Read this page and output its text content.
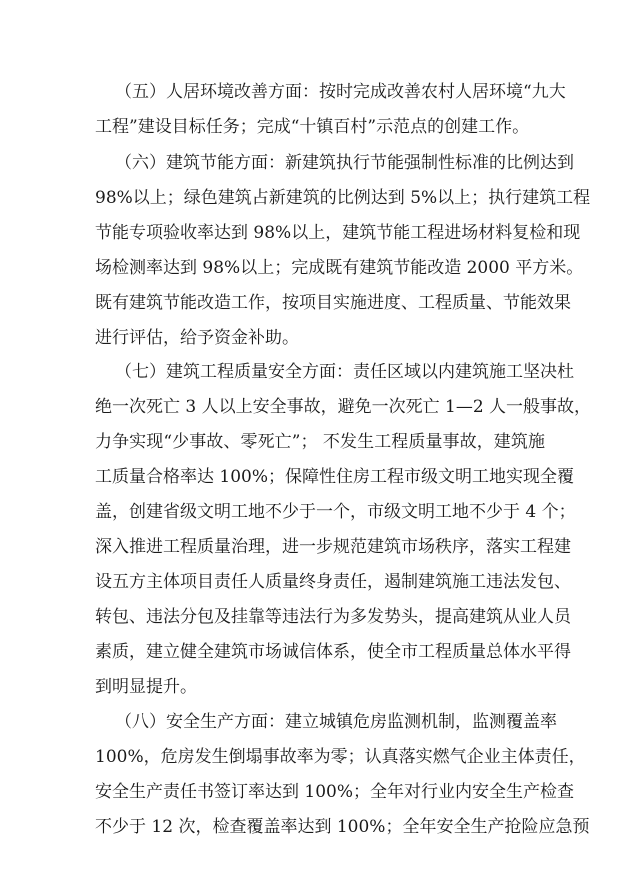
（五）人居环境改善方面：按时完成改善农村人居环境“九大
工程”建设目标任务；完成“十镇百村”示范点的创建工作。
（六）建筑节能方面：新建筑执行节能强制性标准的比例达到
98%以上；绿色建筑占新建筑的比例达到 5%以上；执行建筑工程
节能专项验收率达到 98%以上，建筑节能工程进场材料复检和现
场检测率达到 98%以上；完成既有建筑节能改造 2000 平方米。
既有建筑节能改造工作，按项目实施进度、工程质量、节能效果
进行评估，给予资金补助。
（七）建筑工程质量安全方面：责任区域以内建筑施工坚决杜
绝一次死亡 3 人以上安全事故，避免一次死亡 1—2 人一般事故，
力争实现“少事故、零死亡”； 不发生工程质量事故，建筑施
工质量合格率达 100%；保障性住房工程市级文明工地实现全覆
盖，创建省级文明工地不少于一个，市级文明工地不少于 4 个；
深入推进工程质量治理，进一步规范建筑市场秩序，落实工程建
设五方主体项目责任人质量终身责任，遏制建筑施工违法发包、
转包、违法分包及挂靠等违法行为多发势头，提高建筑从业人员
素质，建立健全建筑市场诚信体系，使全市工程质量总体水平得
到明显提升。
（八）安全生产方面：建立城镇危房监测机制，监测覆盖率
100%，危房发生倒塌事故率为零；认真落实燃气企业主体责任，
安全生产责任书签订率达到 100%；全年对行业内安全生产检查
不少于 12 次，检查覆盖率达到 100%；全年安全生产抢险应急预
